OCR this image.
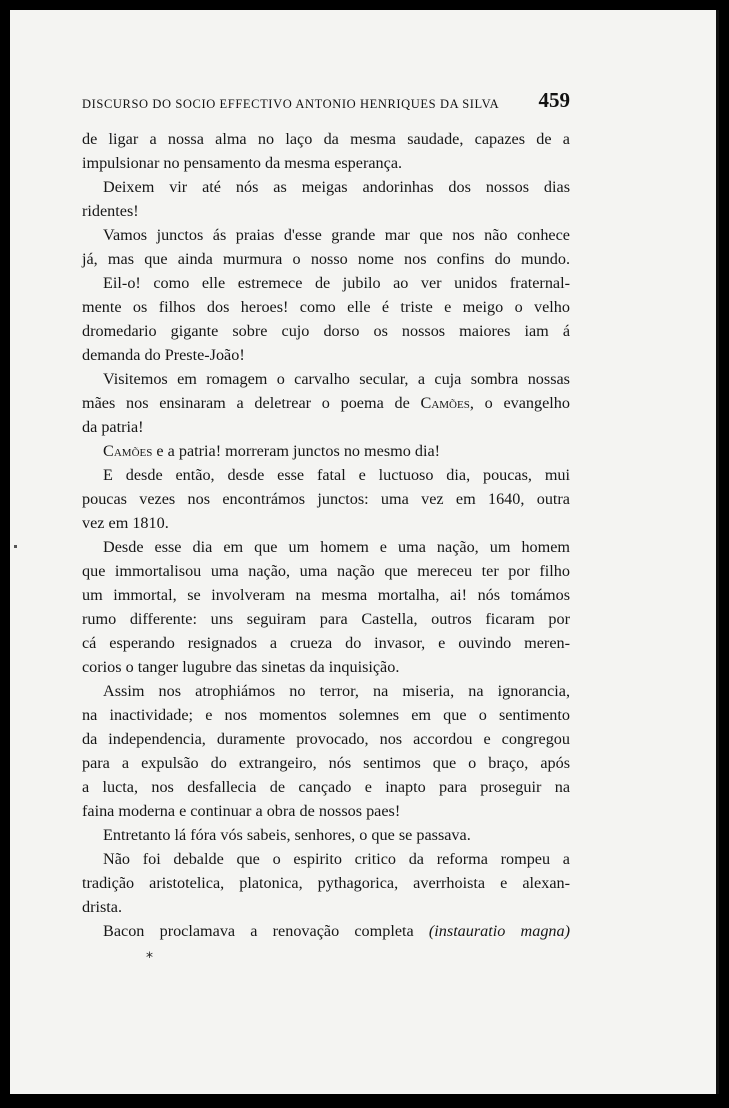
DISCURSO DO SOCIO EFFECTIVO ANTONIO HENRIQUES DA SILVA 459

de ligar a nossa alma no laço da mesma saudade, capazes de a
impulsionar no pensamento da mesma esperança.

Deixem vir até nós as meigas andorinhas dos nossos dias
ridentes!

Vamos junctos ás praias d'esse grande mar que nos não conhece
já, mas que ainda murmura o nosso nome nos confins do mundo.

Eil-o! como elle estremece de jubilo ao ver unidos fraternal-
mente os filhos dos heroes! como elle é triste e meigo o velho
dromedario gigante sobre cujo dorso os nossos maiores iam á
demanda do Preste-João!

Visitemos em romagem o carvalho secular, a cuja sombra nossas
mães nos ensinaram a deletrear o poema de Camões, o evangelho
da patria!

Camões e a patria! morreram junctos no mesmo dia!

E desde então, desde esse fatal e luctuoso dia, poucas, mui
poucas vezes nos encontrámos junctos: uma vez em 1640, outra
vez em 1810.

Desde esse dia em que um homem e uma nação, um homem
que immortalisou uma nação, uma nação que mereceu ter por filho
um immortal, se involveram na mesma mortalha, ai! nós tomámos
rumo differente: uns seguiram para Castella, outros ficaram por
cá esperando resignados a crueza do invasor, e ouvindo meren-
corios o tanger lugubre das sinetas da inquisição.

Assim nos atrophiámos no terror, na miseria, na ignorancia,
na inactividade; e nos momentos solemnes em que o sentimento
da independencia, duramente provocado, nos accordou e congregou
para a expulsão do extrangeiro, nós sentimos que o braço, após
a lucta, nos desfallecia de cançado e inapto para proseguir na
faina moderna e continuar a obra de nossos paes!

Entretanto lá fóra vós sabeis, senhores, o que se passava.

Não foi debalde que o espirito critico da reforma rompeu a
tradição aristotelica, platonica, pythagorica, averrhoista e alexan-
drista.

Bacon proclamava a renovação completa (instauratio magna)

*
